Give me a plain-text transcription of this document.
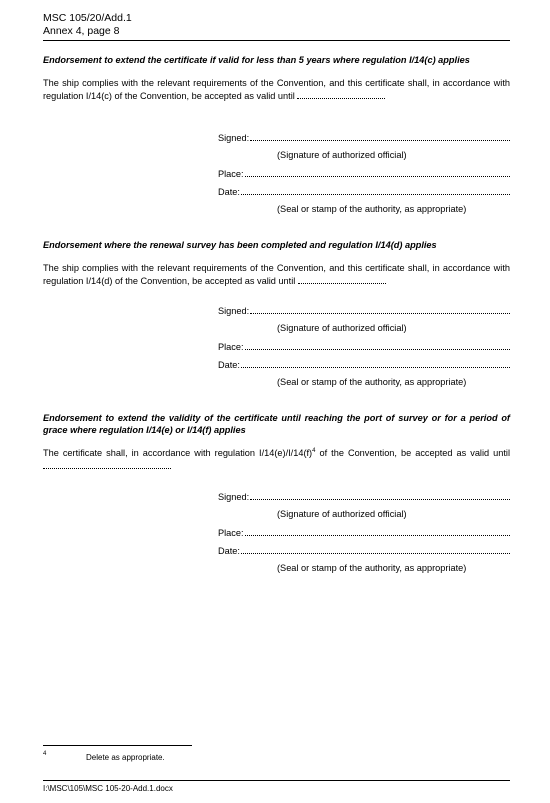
MSC 105/20/Add.1
Annex 4, page 8

Endorsement to extend the certificate if valid for less than 5 years where regulation I/14(c) applies

The ship complies with the relevant requirements of the Convention, and this certificate shall, in accordance with regulation I/14(c) of the Convention, be accepted as valid until

Signed:
(Signature of authorized official)
Place:
Date:
(Seal or stamp of the authority, as appropriate)

Endorsement where the renewal survey has been completed and regulation I/14(d) applies

The ship complies with the relevant requirements of the Convention, and this certificate shall, in accordance with regulation I/14(d) of the Convention, be accepted as valid until

Signed:
(Signature of authorized official)
Place:
Date:
(Seal or stamp of the authority, as appropriate)

Endorsement to extend the validity of the certificate until reaching the port of survey or for a period of grace where regulation I/14(e) or I/14(f) applies

The certificate shall, in accordance with regulation $I/14(e)/I/14(f)^4$ of the Convention, be accepted as valid until

Signed:
(Signature of authorized official)
Place:
Date:
(Seal or stamp of the authority, as appropriate)
4	Delete as appropriate.
I:\MSC\105\MSC 105-20-Add.1.docx
